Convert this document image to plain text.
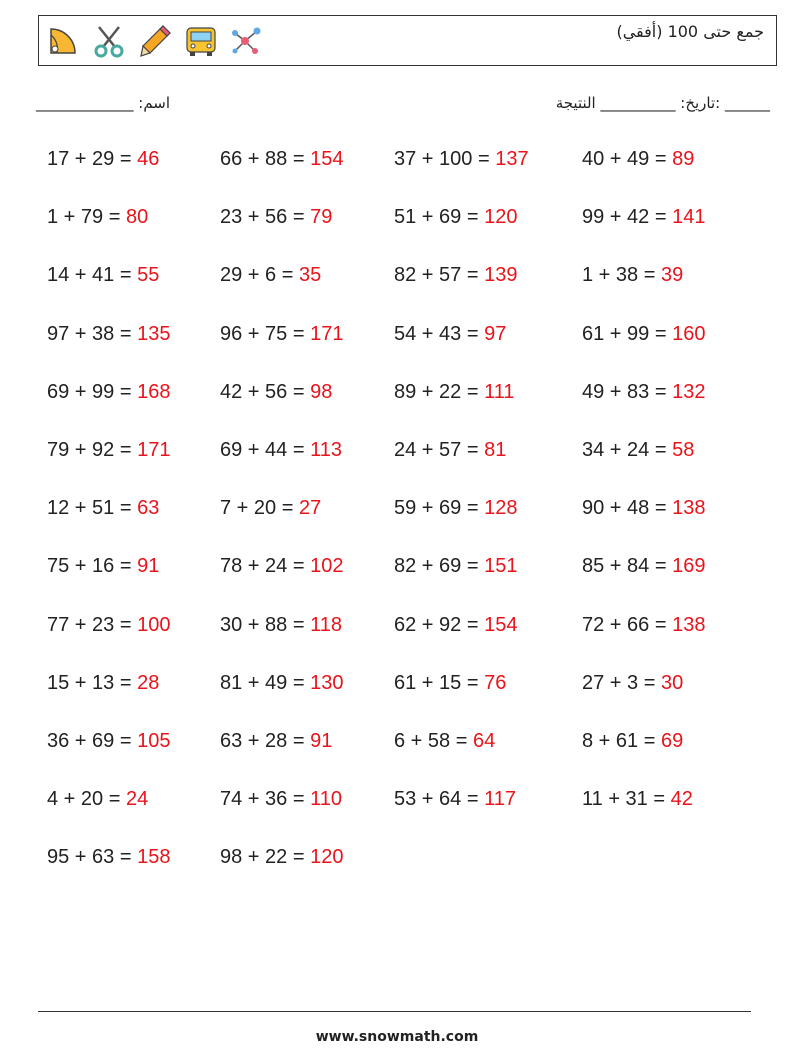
جمع حتى 100 (أفقي)
______ :تاريخ: __________ النتيجة
اسم: _____________
17 + 29 = 46	66 + 88 = 154	37 + 100 = 137	40 + 49 = 89
1 + 79 = 80	23 + 56 = 79	51 + 69 = 120	99 + 42 = 141
14 + 41 = 55	29 + 6 = 35	82 + 57 = 139	1 + 38 = 39
97 + 38 = 135 96 + 75 = 171	54 + 43 = 97	61 + 99 = 160
69 + 99 = 168 42 + 56 = 98	89 + 22 = 111	49 + 83 = 132
79 + 92 = 171 69 + 44 = 113	24 + 57 = 81	34 + 24 = 58
12 + 51 = 63	7 + 20 = 27	59 + 69 = 128	90 + 48 = 138
75 + 16 = 91	78 + 24 = 102	82 + 69 = 151	85 + 84 = 169
77 + 23 = 100 30 + 88 = 118	62 + 92 = 154	72 + 66 = 138
15 + 13 = 28	81 + 49 = 130	61 + 15 = 76	27 + 3 = 30
36 + 69 = 105 63 + 28 = 91	6 + 58 = 64	8 + 61 = 69
4 + 20 = 24	74 + 36 = 110	53 + 64 = 117	11 + 31 = 42
95 + 63 = 158 98 + 22 = 120
www.snowmath.com
